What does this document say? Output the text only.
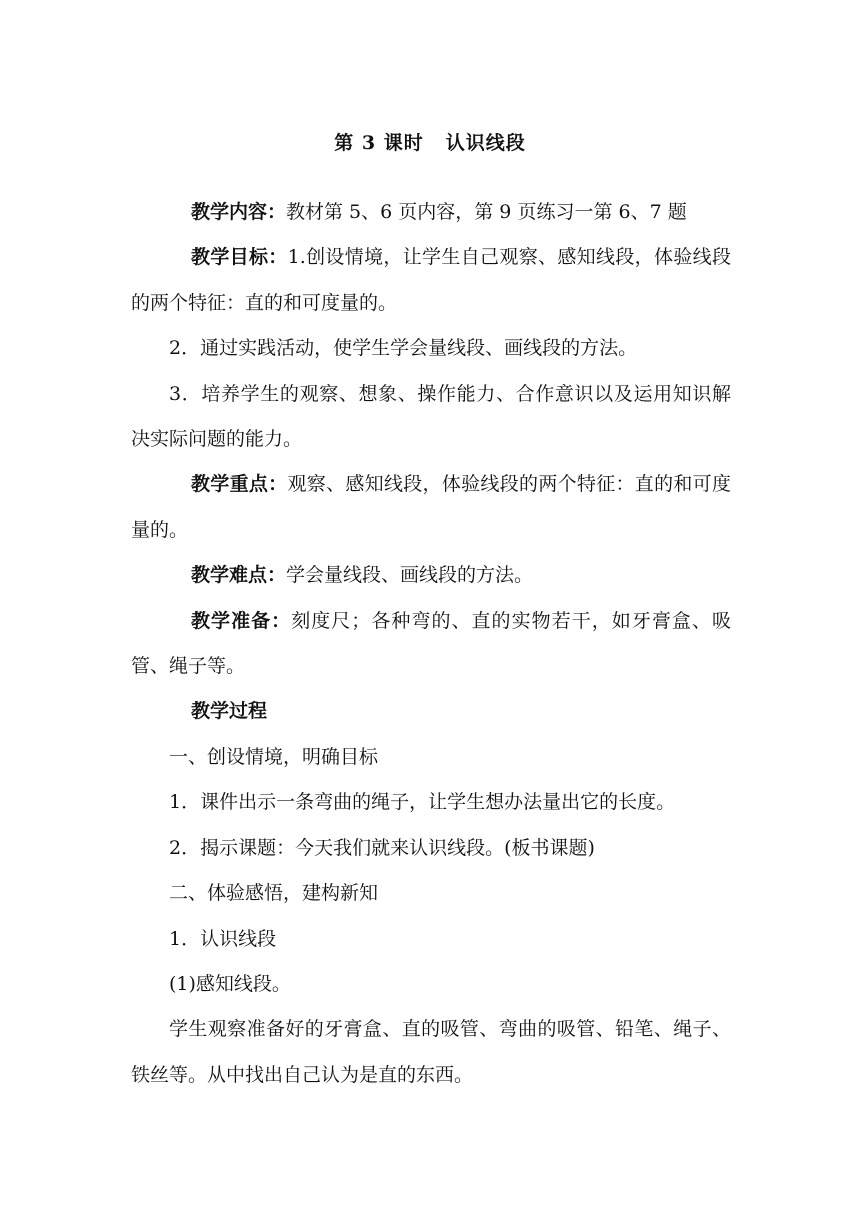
第 3 课时 认识线段

教学内容：教材第 5、6 页内容，第 9 页练习一第 6、7 题

教学目标：1.创设情境，让学生自己观察、感知线段，体验线段的两个特征：直的和可度量的。

2．通过实践活动，使学生学会量线段、画线段的方法。

3．培养学生的观察、想象、操作能力、合作意识以及运用知识解决实际问题的能力。

教学重点：观察、感知线段，体验线段的两个特征：直的和可度量的。

教学难点：学会量线段、画线段的方法。

教学准备：刻度尺；各种弯的、直的实物若干，如牙膏盒、吸管、绳子等。

教学过程

一、创设情境，明确目标

1．课件出示一条弯曲的绳子，让学生想办法量出它的长度。

2．揭示课题：今天我们就来认识线段。(板书课题)

二、体验感悟，建构新知

1．认识线段

(1)感知线段。

学生观察准备好的牙膏盒、直的吸管、弯曲的吸管、铅笔、绳子、铁丝等。从中找出自己认为是直的东西。
